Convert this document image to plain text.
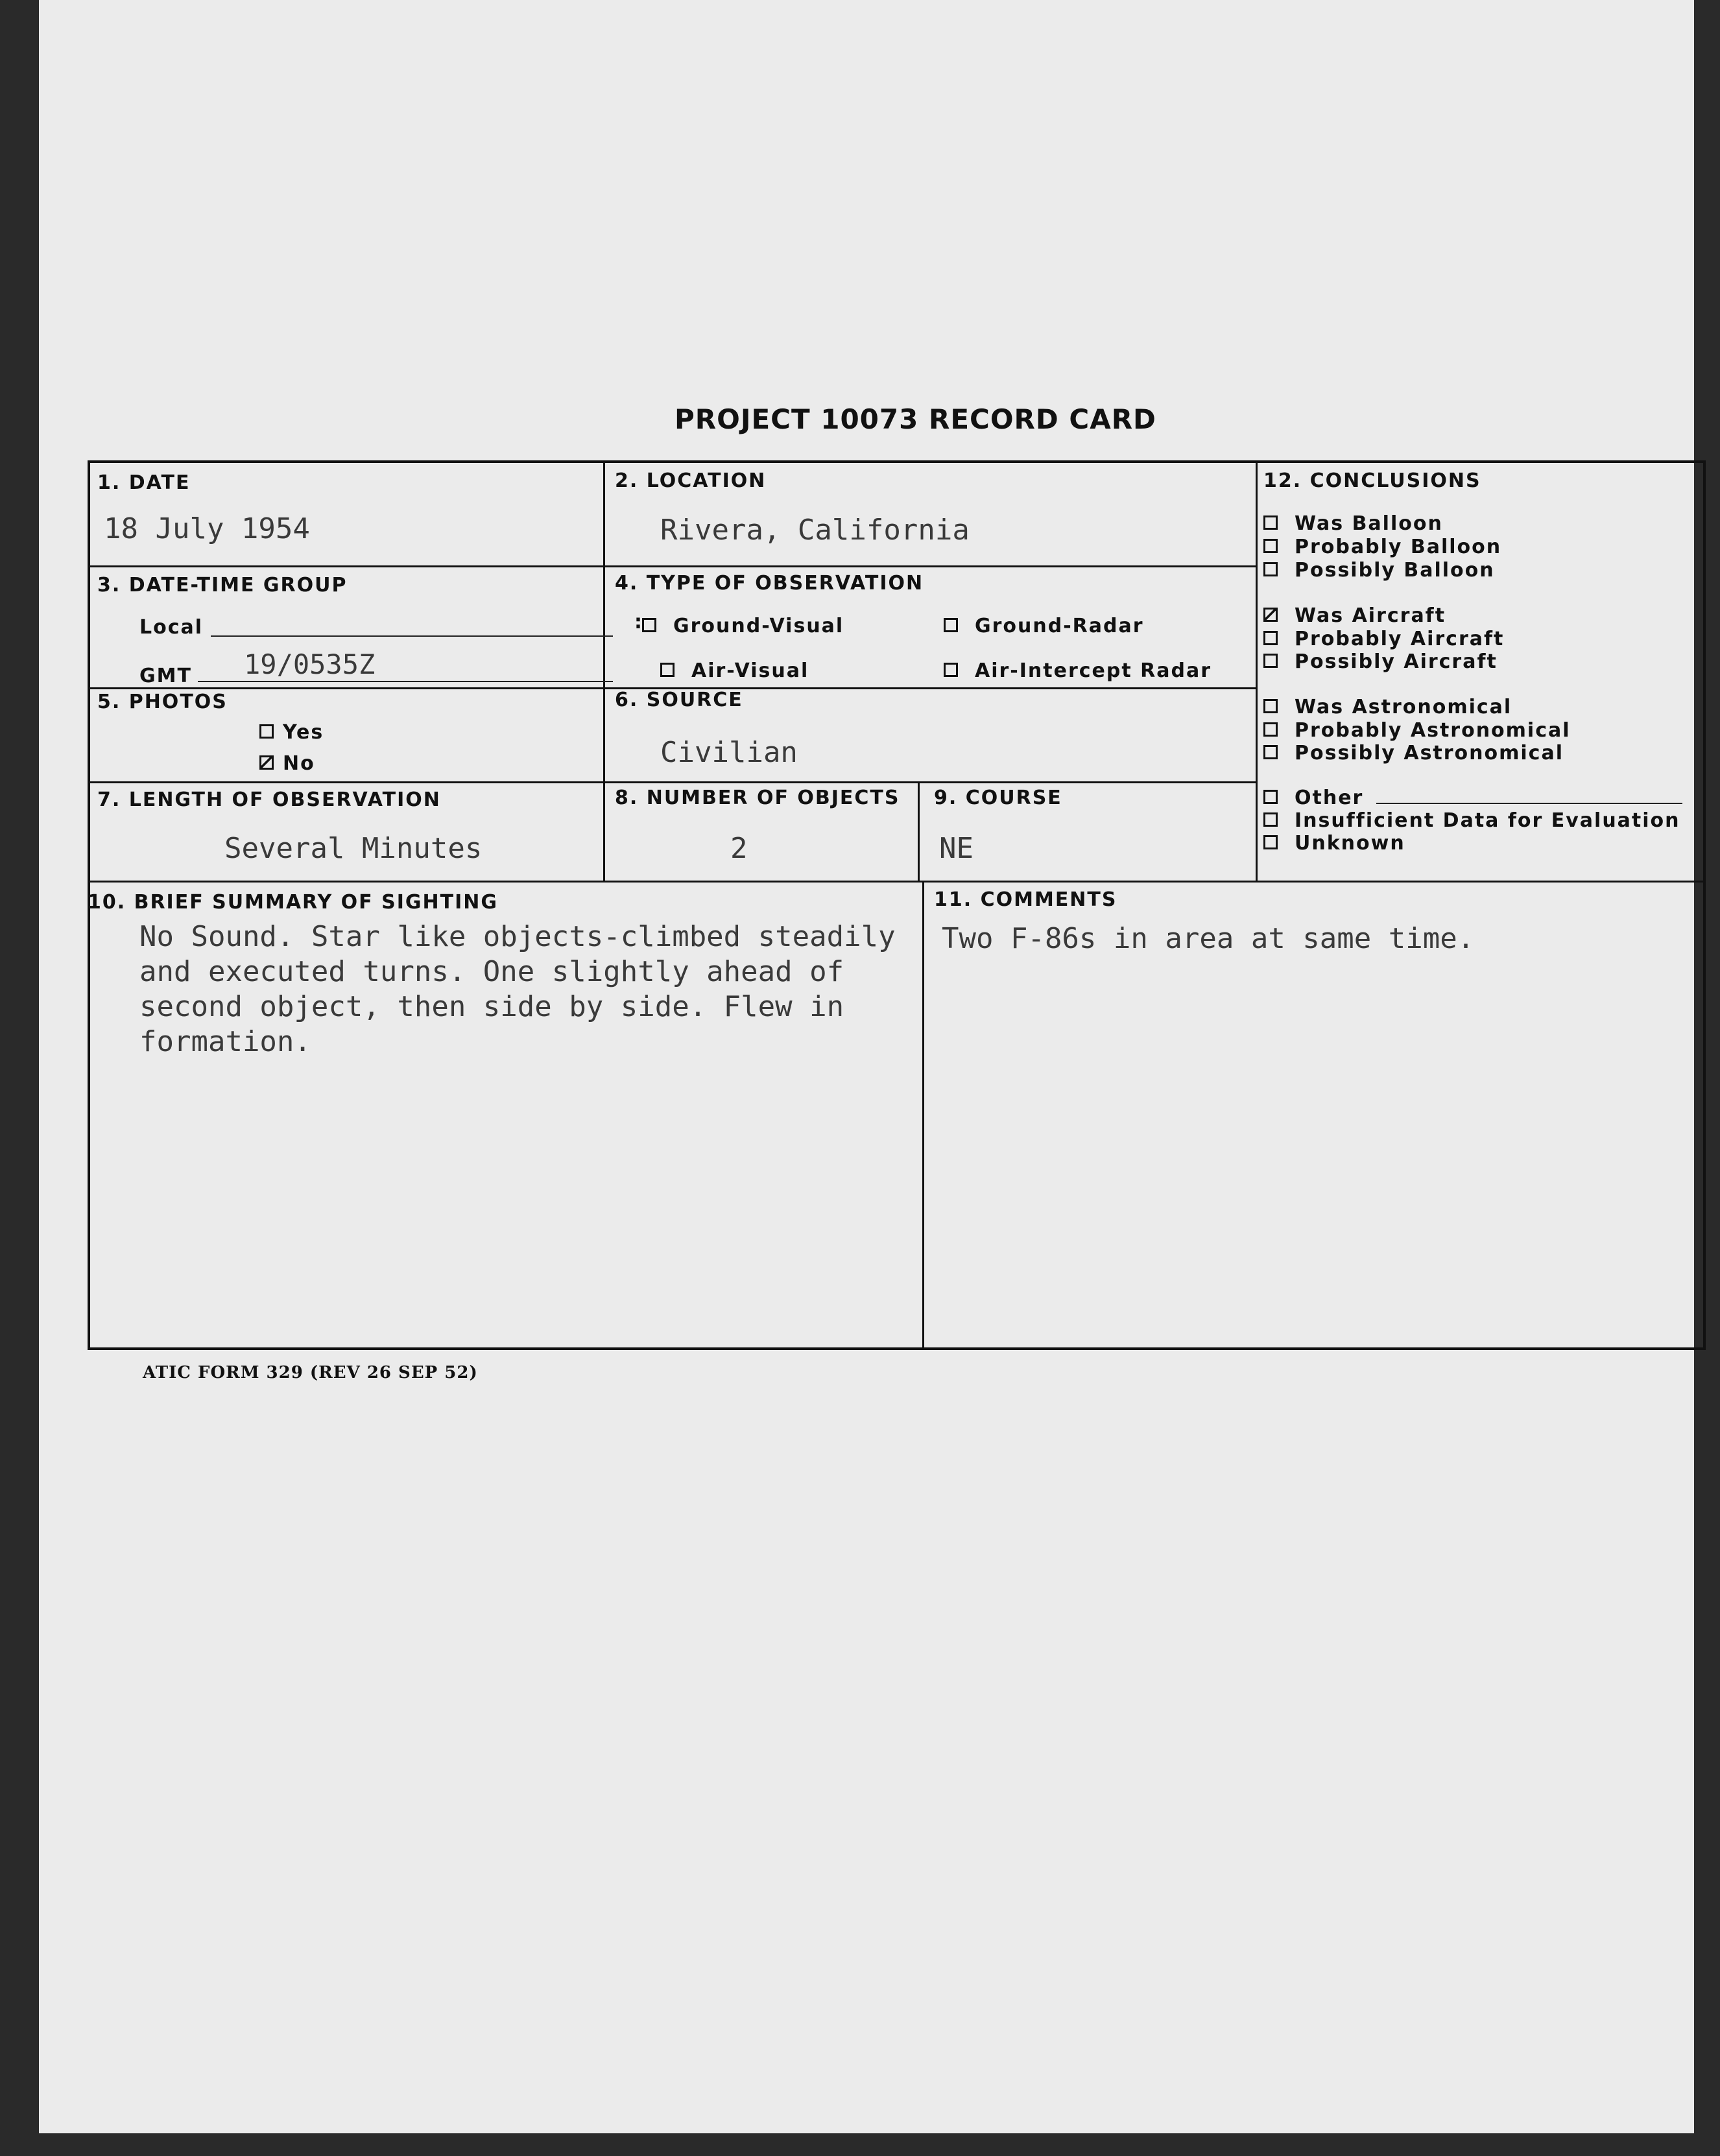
PROJECT 10073 RECORD CARD
1. DATE
18 July 1954
2. LOCATION
Rivera, California
3. DATE-TIME GROUP
Local
GMT 19/0535Z
4. TYPE OF OBSERVATION
: Ground-Visual	Ground-Radar
Air-Visual	Air-Intercept Radar
5. PHOTOS
Yes
No
6. SOURCE
Civilian
7. LENGTH OF OBSERVATION
Several Minutes
8. NUMBER OF OBJECTS
2
9. COURSE
NE
10. BRIEF SUMMARY OF SIGHTING
No Sound. Star like objects-climbed steadily and executed turns. One slightly ahead of second object, then side by side. Flew in formation.
11. COMMENTS
Two F-86s in area at same time.
12. CONCLUSIONS
Was Balloon
Probably Balloon
Possibly Balloon
Was Aircraft
Probably Aircraft
Possibly Aircraft
Was Astronomical
Probably Astronomical
Possibly Astronomical
Other
Insufficient Data for Evaluation
Unknown
ATIC FORM 329 (REV 26 SEP 52)
